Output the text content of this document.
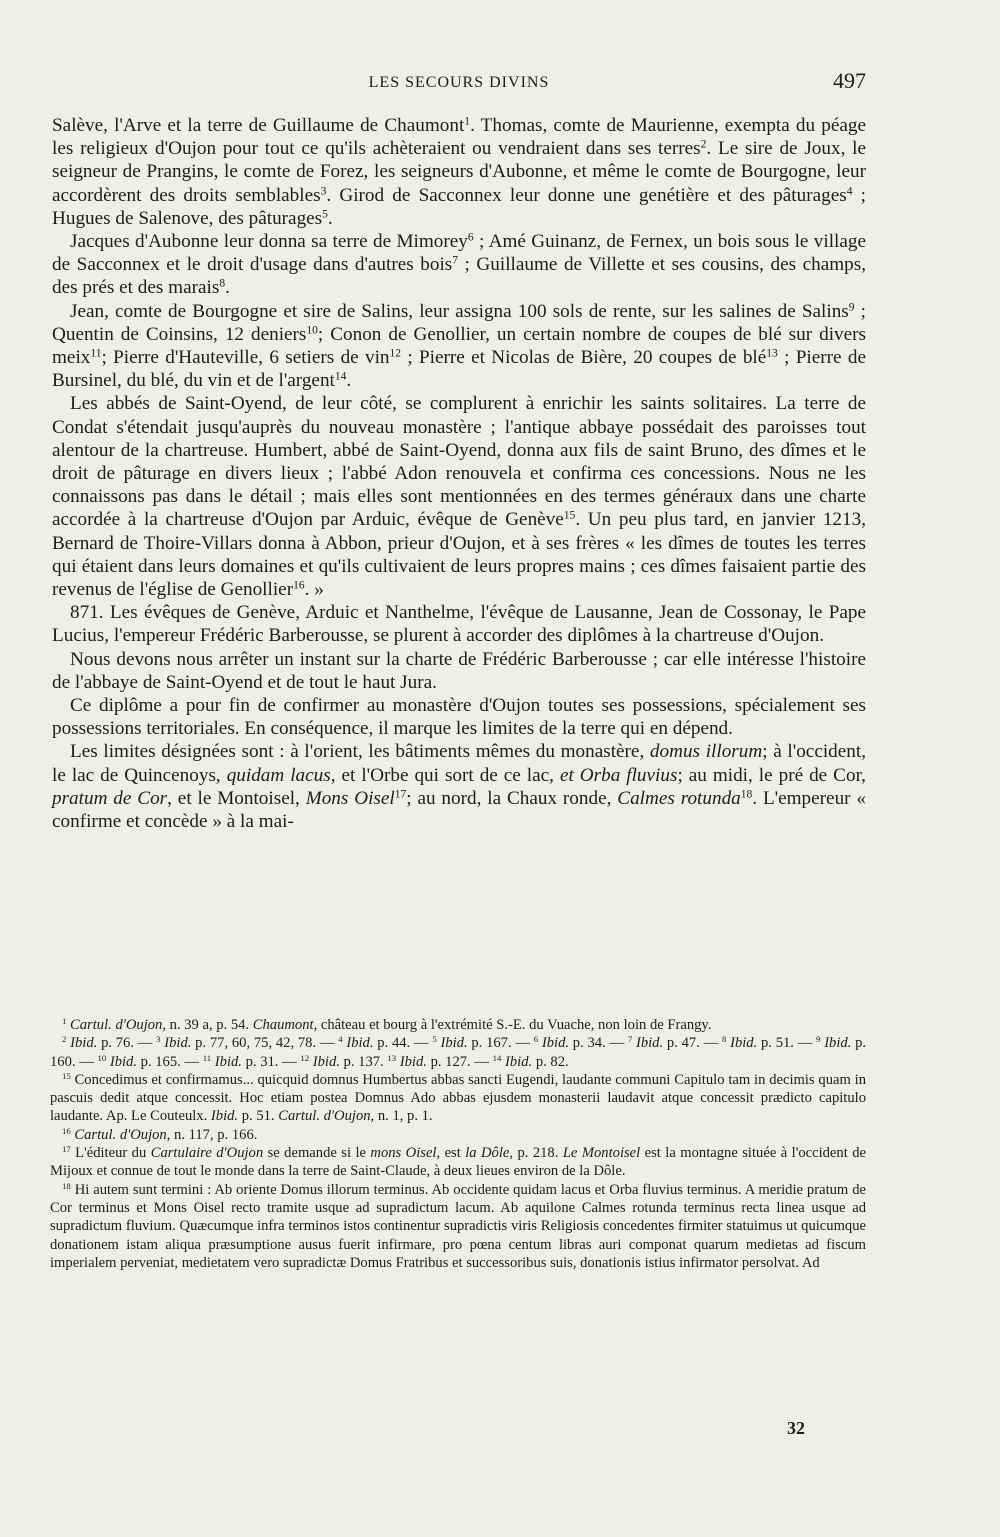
LES SECOURS DIVINS	497

Salève, l'Arve et la terre de Guillaume de Chaumont$^1$. Thomas, comte de Maurienne, exempta du péage les religieux d'Oujon pour tout ce qu'ils achèteraient ou vendraient dans ses terres$^2$. Le sire de Joux, le seigneur de Prangins, le comte de Forez, les seigneurs d'Aubonne, et même le comte de Bourgogne, leur accordèrent des droits semblables$^3$. Girod de Sacconnex leur donne une genétière et des pâturages$^4$ ; Hugues de Salenove, des pâturages$^5$.

Jacques d'Aubonne leur donna sa terre de Mimorey$^6$ ; Amé Guinanz, de Fernex, un bois sous le village de Sacconnex et le droit d'usage dans d'autres bois$^7$ ; Guillaume de Villette et ses cousins, des champs, des prés et des marais$^8$.

Jean, comte de Bourgogne et sire de Salins, leur assigna 100 sols de rente, sur les salines de Salins$^9$ ; Quentin de Coinsins, 12 deniers$^{10}$; Conon de Genollier, un certain nombre de coupes de blé sur divers meix$^{11}$; Pierre d'Hauteville, 6 setiers de vin$^{12}$ ; Pierre et Nicolas de Bière, 20 coupes de blé$^{13}$ ; Pierre de Bursinel, du blé, du vin et de l'argent$^{14}$.

Les abbés de Saint-Oyend, de leur côté, se complurent à enrichir les saints solitaires. La terre de Condat s'étendait jusqu'auprès du nouveau monastère ; l'antique abbaye possédait des paroisses tout alentour de la chartreuse. Humbert, abbé de Saint-Oyend, donna aux fils de saint Bruno, des dîmes et le droit de pâturage en divers lieux ; l'abbé Adon renouvela et confirma ces concessions. Nous ne les connaissons pas dans le détail ; mais elles sont mentionnées en des termes généraux dans une charte accordée à la chartreuse d'Oujon par Arduic, évêque de Genève$^{15}$. Un peu plus tard, en janvier 1213, Bernard de Thoire-Villars donna à Abbon, prieur d'Oujon, et à ses frères « les dîmes de toutes les terres qui étaient dans leurs domaines et qu'ils cultivaient de leurs propres mains ; ces dîmes faisaient partie des revenus de l'église de Genollier$^{16}$. »

871. Les évêques de Genève, Arduic et Nanthelme, l'évêque de Lausanne, Jean de Cossonay, le Pape Lucius, l'empereur Frédéric Barberousse, se plurent à accorder des diplômes à la chartreuse d'Oujon.

Nous devons nous arrêter un instant sur la charte de Frédéric Barberousse ; car elle intéresse l'histoire de l'abbaye de Saint-Oyend et de tout le haut Jura.

Ce diplôme a pour fin de confirmer au monastère d'Oujon toutes ses possessions, spécialement ses possessions territoriales. En conséquence, il marque les limites de la terre qui en dépend.

Les limites désignées sont : à l'orient, les bâtiments mêmes du monastère, domus illorum; à l'occident, le lac de Quincenoys, quidam lacus, et l'Orbe qui sort de ce lac, et Orba fluvius; au midi, le pré de Cor, pratum de Cor, et le Montoisel, Mons Oisel$^{17}$; au nord, la Chaux ronde, Calmes rotunda$^{18}$. L'empereur « confirme et concède » à la mai-

$^1$ Cartul. d'Oujon, n. 39 a, p. 54. Chaumont, château et bourg à l'extrémité S.-E. du Vuache, non loin de Frangy.

$^2$ Ibid. p. 76. — $^3$ Ibid. p. 77, 60, 75, 42, 78. — $^4$ Ibid. p. 44. — $^5$ Ibid. p. 167. — $^6$ Ibid. p. 34. — $^7$ Ibid. p. 47. — $^8$ Ibid. p. 51. — $^9$ Ibid. p. 160. — $^{10}$ Ibid. p. 165. — $^{11}$ Ibid. p. 31. — $^{12}$ Ibid. p. 137. $^{13}$ Ibid. p. 127. — $^{14}$ Ibid. p. 82.

$^{15}$ Concedimus et confirmamus... quicquid domnus Humbertus abbas sancti Eugendi, laudante communi Capitulo tam in decimis quam in pascuis dedit atque concessit. Hoc etiam postea Domnus Ado abbas ejusdem monasterii laudavit atque concessit prædicto capitulo laudante. Ap. Le Couteulx. Ibid. p. 51. Cartul. d'Oujon, n. 1, p. 1.

$^{16}$ Cartul. d'Oujon, n. 117, p. 166.

$^{17}$ L'éditeur du Cartulaire d'Oujon se demande si le mons Oisel, est la Dôle, p. 218. Le Montoisel est la montagne située à l'occident de Mijoux et connue de tout le monde dans la terre de Saint-Claude, à deux lieues environ de la Dôle.

$^{18}$ Hi autem sunt termini : Ab oriente Domus illorum terminus. Ab occidente quidam lacus et Orba fluvius terminus. A meridie pratum de Cor terminus et Mons Oisel recto tramite usque ad supradictum lacum. Ab aquilone Calmes rotunda terminus recta linea usque ad supradictum fluvium. Quæcumque infra terminos istos continentur supradictis viris Religiosis concedentes firmiter statuimus ut quicumque donationem istam aliqua præsumptione ausus fuerit infirmare, pro pœna centum libras auri componat quarum medietas ad fiscum imperialem perveniat, medietatem vero supradictæ Domus Fratribus et successoribus suis, donationis istius infirmator persolvat. Ad

32
